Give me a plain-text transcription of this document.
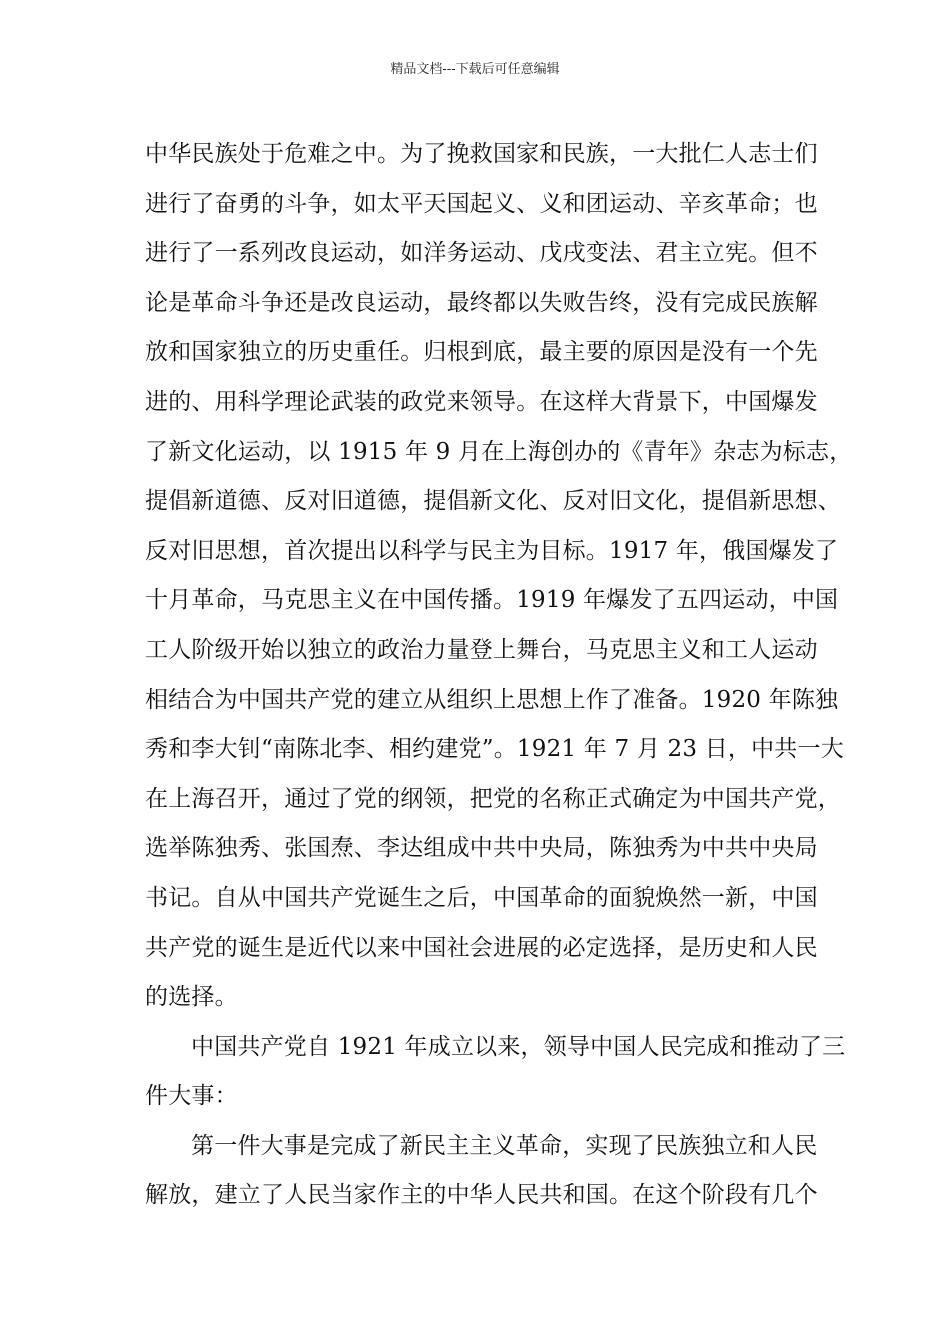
精品文档---下载后可任意编辑
中华民族处于危难之中。为了挽救国家和民族，一大批仁人志士们
进行了奋勇的斗争，如太平天国起义、义和团运动、辛亥革命；也
进行了一系列改良运动，如洋务运动、戊戌变法、君主立宪。但不
论是革命斗争还是改良运动，最终都以失败告终，没有完成民族解
放和国家独立的历史重任。归根到底，最主要的原因是没有一个先
进的、用科学理论武装的政党来领导。在这样大背景下，中国爆发
了新文化运动，以 1915 年 9 月在上海创办的《青年》杂志为标志，
提倡新道德、反对旧道德，提倡新文化、反对旧文化，提倡新思想、
反对旧思想，首次提出以科学与民主为目标。1917 年，俄国爆发了
十月革命，马克思主义在中国传播。1919 年爆发了五四运动，中国
工人阶级开始以独立的政治力量登上舞台，马克思主义和工人运动
相结合为中国共产党的建立从组织上思想上作了准备。1920 年陈独
秀和李大钊“南陈北李、相约建党”。1921 年 7 月 23 日，中共一大
在上海召开，通过了党的纲领，把党的名称正式确定为中国共产党，
选举陈独秀、张国焘、李达组成中共中央局，陈独秀为中共中央局
书记。自从中国共产党诞生之后，中国革命的面貌焕然一新，中国
共产党的诞生是近代以来中国社会进展的必定选择，是历史和人民
的选择。
中国共产党自 1921 年成立以来，领导中国人民完成和推动了三
件大事：
第一件大事是完成了新民主主义革命，实现了民族独立和人民
解放，建立了人民当家作主的中华人民共和国。在这个阶段有几个
